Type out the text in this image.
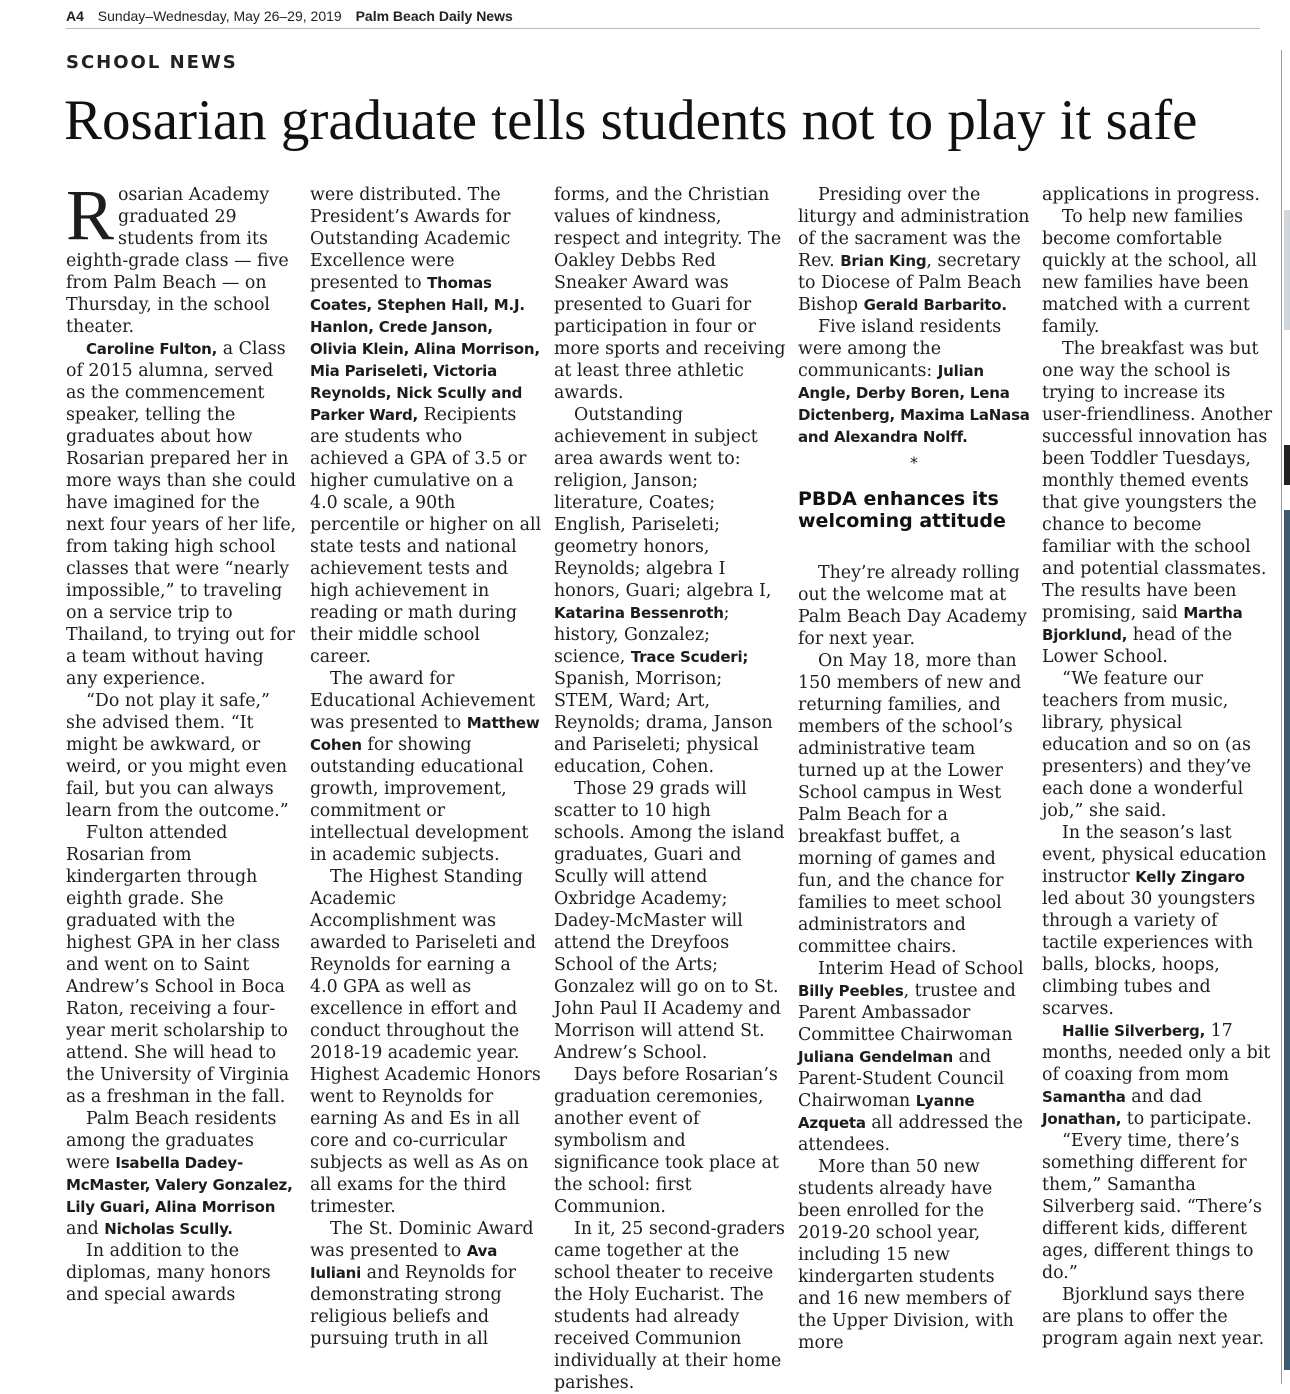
A4 Sunday–Wednesday, May 26–29, 2019 Palm Beach Daily News
SCHOOL NEWS
Rosarian graduate tells students not to play it safe

Rosarian Academy graduated 29 students from its eighth-grade class — five from Palm Beach — on Thursday, in the school theater.

Caroline Fulton, a Class of 2015 alumna, served as the commencement speaker, telling the graduates about how Rosarian prepared her in more ways than she could have imagined for the next four years of her life, from taking high school classes that were “nearly impossible,” to traveling on a service trip to Thailand, to trying out for a team without having any experience.

“Do not play it safe,” she advised them. “It might be awkward, or weird, or you might even fail, but you can always learn from the outcome.”

Fulton attended Rosarian from kindergarten through eighth grade. She graduated with the highest GPA in her class and went on to Saint Andrew’s School in Boca Raton, receiving a four-year merit scholarship to attend. She will head to the University of Virginia as a freshman in the fall.

Palm Beach residents among the graduates were Isabella Dadey-McMaster, Valery Gonzalez, Lily Guari, Alina Morrison and Nicholas Scully.

In addition to the diplomas, many honors and special awards

were distributed. The President’s Awards for Outstanding Academic Excellence were presented to Thomas Coates, Stephen Hall, M.J. Hanlon, Crede Janson, Olivia Klein, Alina Morrison, Mia Pariseleti, Victoria Reynolds, Nick Scully and Parker Ward, Recipients are students who achieved a GPA of 3.5 or higher cumulative on a 4.0 scale, a 90th percentile or higher on all state tests and national achievement tests and high achievement in reading or math during their middle school career.

The award for Educational Achievement was presented to Matthew Cohen for showing outstanding educational growth, improvement, commitment or intellectual development in academic subjects.

The Highest Standing Academic Accomplishment was awarded to Pariseleti and Reynolds for earning a 4.0 GPA as well as excellence in effort and conduct throughout the 2018-19 academic year. Highest Academic Honors went to Reynolds for earning As and Es in all core and co-curricular subjects as well as As on all exams for the third trimester.

The St. Dominic Award was presented to Ava Iuliani and Reynolds for demonstrating strong religious beliefs and pursuing truth in all

forms, and the Christian values of kindness, respect and integrity. The Oakley Debbs Red Sneaker Award was presented to Guari for participation in four or more sports and receiving at least three athletic awards.

Outstanding achievement in subject area awards went to: religion, Janson; literature, Coates; English, Pariseleti; geometry honors, Reynolds; algebra I honors, Guari; algebra I, Katarina Bessenroth; history, Gonzalez; science, Trace Scuderi; Spanish, Morrison; STEM, Ward; Art, Reynolds; drama, Janson and Pariseleti; physical education, Cohen.

Those 29 grads will scatter to 10 high schools. Among the island graduates, Guari and Scully will attend Oxbridge Academy; Dadey-McMaster will attend the Dreyfoos School of the Arts; Gonzalez will go on to St. John Paul II Academy and Morrison will attend St. Andrew’s School.

Days before Rosarian’s graduation ceremonies, another event of symbolism and significance took place at the school: first Communion.

In it, 25 second-graders came together at the school theater to receive the Holy Eucharist. The students had already received Communion individually at their home parishes.

Presiding over the liturgy and administration of the sacrament was the Rev. Brian King, secretary to Diocese of Palm Beach Bishop Gerald Barbarito.

Five island residents were among the communicants: Julian Angle, Derby Boren, Lena Dictenberg, Maxima LaNasa and Alexandra Nolff.

*
PBDA enhances its welcoming attitude

They’re already rolling out the welcome mat at Palm Beach Day Academy for next year.

On May 18, more than 150 members of new and returning families, and members of the school’s administrative team turned up at the Lower School campus in West Palm Beach for a breakfast buffet, a morning of games and fun, and the chance for families to meet school administrators and committee chairs.

Interim Head of School Billy Peebles, trustee and Parent Ambassador Committee Chairwoman Juliana Gendelman and Parent-Student Council Chairwoman Lyanne Azqueta all addressed the attendees.

More than 50 new students already have been enrolled for the 2019-20 school year, including 15 new kindergarten students and 16 new members of the Upper Division, with more

applications in progress.

To help new families become comfortable quickly at the school, all new families have been matched with a current family.

The breakfast was but one way the school is trying to increase its user-friendliness. Another successful innovation has been Toddler Tuesdays, monthly themed events that give youngsters the chance to become familiar with the school and potential classmates. The results have been promising, said Martha Bjorklund, head of the Lower School.

“We feature our teachers from music, library, physical education and so on (as presenters) and they’ve each done a wonderful job,” she said.

In the season’s last event, physical education instructor Kelly Zingaro led about 30 youngsters through a variety of tactile experiences with balls, blocks, hoops, climbing tubes and scarves.

Hallie Silverberg, 17 months, needed only a bit of coaxing from mom Samantha and dad Jonathan, to participate.

“Every time, there’s something different for them,” Samantha Silverberg said. “There’s different kids, different ages, different things to do.”

Bjorklund says there are plans to offer the program again next year.
